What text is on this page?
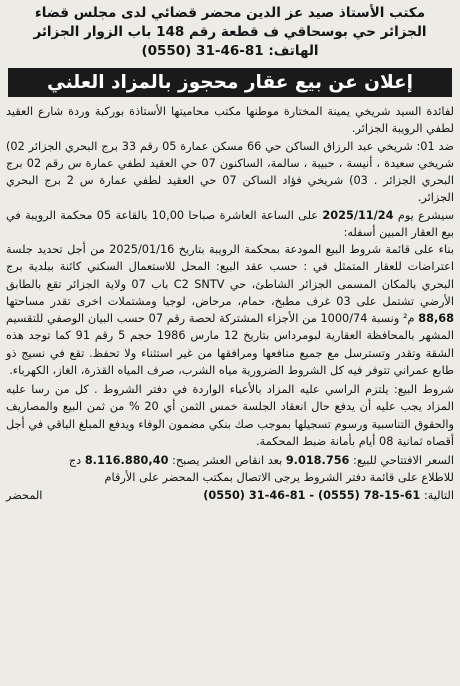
مكتب الأستاذ صيد عز الدين محضر قضائي لدى مجلس قضاء
الجزائر حي بوسحاقي ف قطعة رقم 148 باب الزوار الجزائر
الهاتف: (0550) 31-46-81
إعلان عن بيع عقار محجوز بالمزاد العلني

لفائدة السيد شريخي يمينة المختارة موطنها مكتب محاميتها الأستاذة بوركبة وردة شارع العقيد لطفي الرويبة الجزائر.

ضد 01: شريخي عبد الرزاق الساكن حي 66 مسكن عمارة 05 رقم 33 برج البحري الجزائر 02) شريخي سعيدة ، أنيسة ، حبيبة ، سالمة، الساكنون 07 حي العقيد لطفي عمارة س رقم 02 برج البحري الجزائر . 03) شريخي فؤاد الساكن 07 حي العقيد لطفي عمارة س 2 برج البحري الجزائر.

سيشرع يوم 2025/11/24 على الساعة العاشرة صباحا 10,00 بالقاعة 05 محكمة الرويبة في بيع العقار المبين أسفله:

بناء على قائمة شروط البيع المودعة بمحكمة الرويبة بتاريخ 2025/01/16 من أجل تحديد جلسة اعتراضات للعقار المتمثل في : حسب عقد البيع: المحل للاستعمال السكني كائنة ببلدية برج البحري بالمكان المسمى الجزائر الشاطئ، حي C2 SNTV باب 07 ولاية الجزائر تقع بالطابق الأرضي تشتمل على 03 غرف مطبخ، حمام، مرحاض، لوجيا ومشتملات اخرى تقدر مساحتها 88,68 م² ونسبة 1000/74 من الأجزاء المشتركة لحصة رقم 07 حسب البيان الوصفي للتقسيم المشهر بالمحافظة العقارية لبومرداس بتاريخ 12 مارس 1986 حجم 5 رقم 91 كما توجد هذه الشقة وتقدر وتسترسل مع جميع منافعها ومرافقها من غير استثناء ولا تحفظ. تقع في نسيج ذو طابع عمراني تتوفر فيه كل الشروط الضرورية مياه الشرب، صرف المياه القذرة، الغاز، الكهرباء.

شروط البيع: يلتزم الراسي عليه المزاد بالأعباء الواردة في دفتر الشروط . كل من رسا عليه المزاد يجب عليه أن يدفع حال انعقاد الجلسة خمس الثمن أي 20 % من ثمن البيع والمصاريف والحقوق التناسبية ورسوم تسجيلها بموجب صك بنكي مضمون الوفاء ويدفع المبلغ الباقي في أجل أقصاه ثمانية 08 أيام بأمانة ضبط المحكمة.

السعر الافتتاحي للبيع: 9.018.756 بعد انقاص العشر يصبح: 8.116.880,40 دج
للاطلاع على قائمة دفتر الشروط يرجى الاتصال بمكتب المحضر على الأرقام
التالية: (0550) 31-46-81 - (0555) 78-15-61
المحضر
